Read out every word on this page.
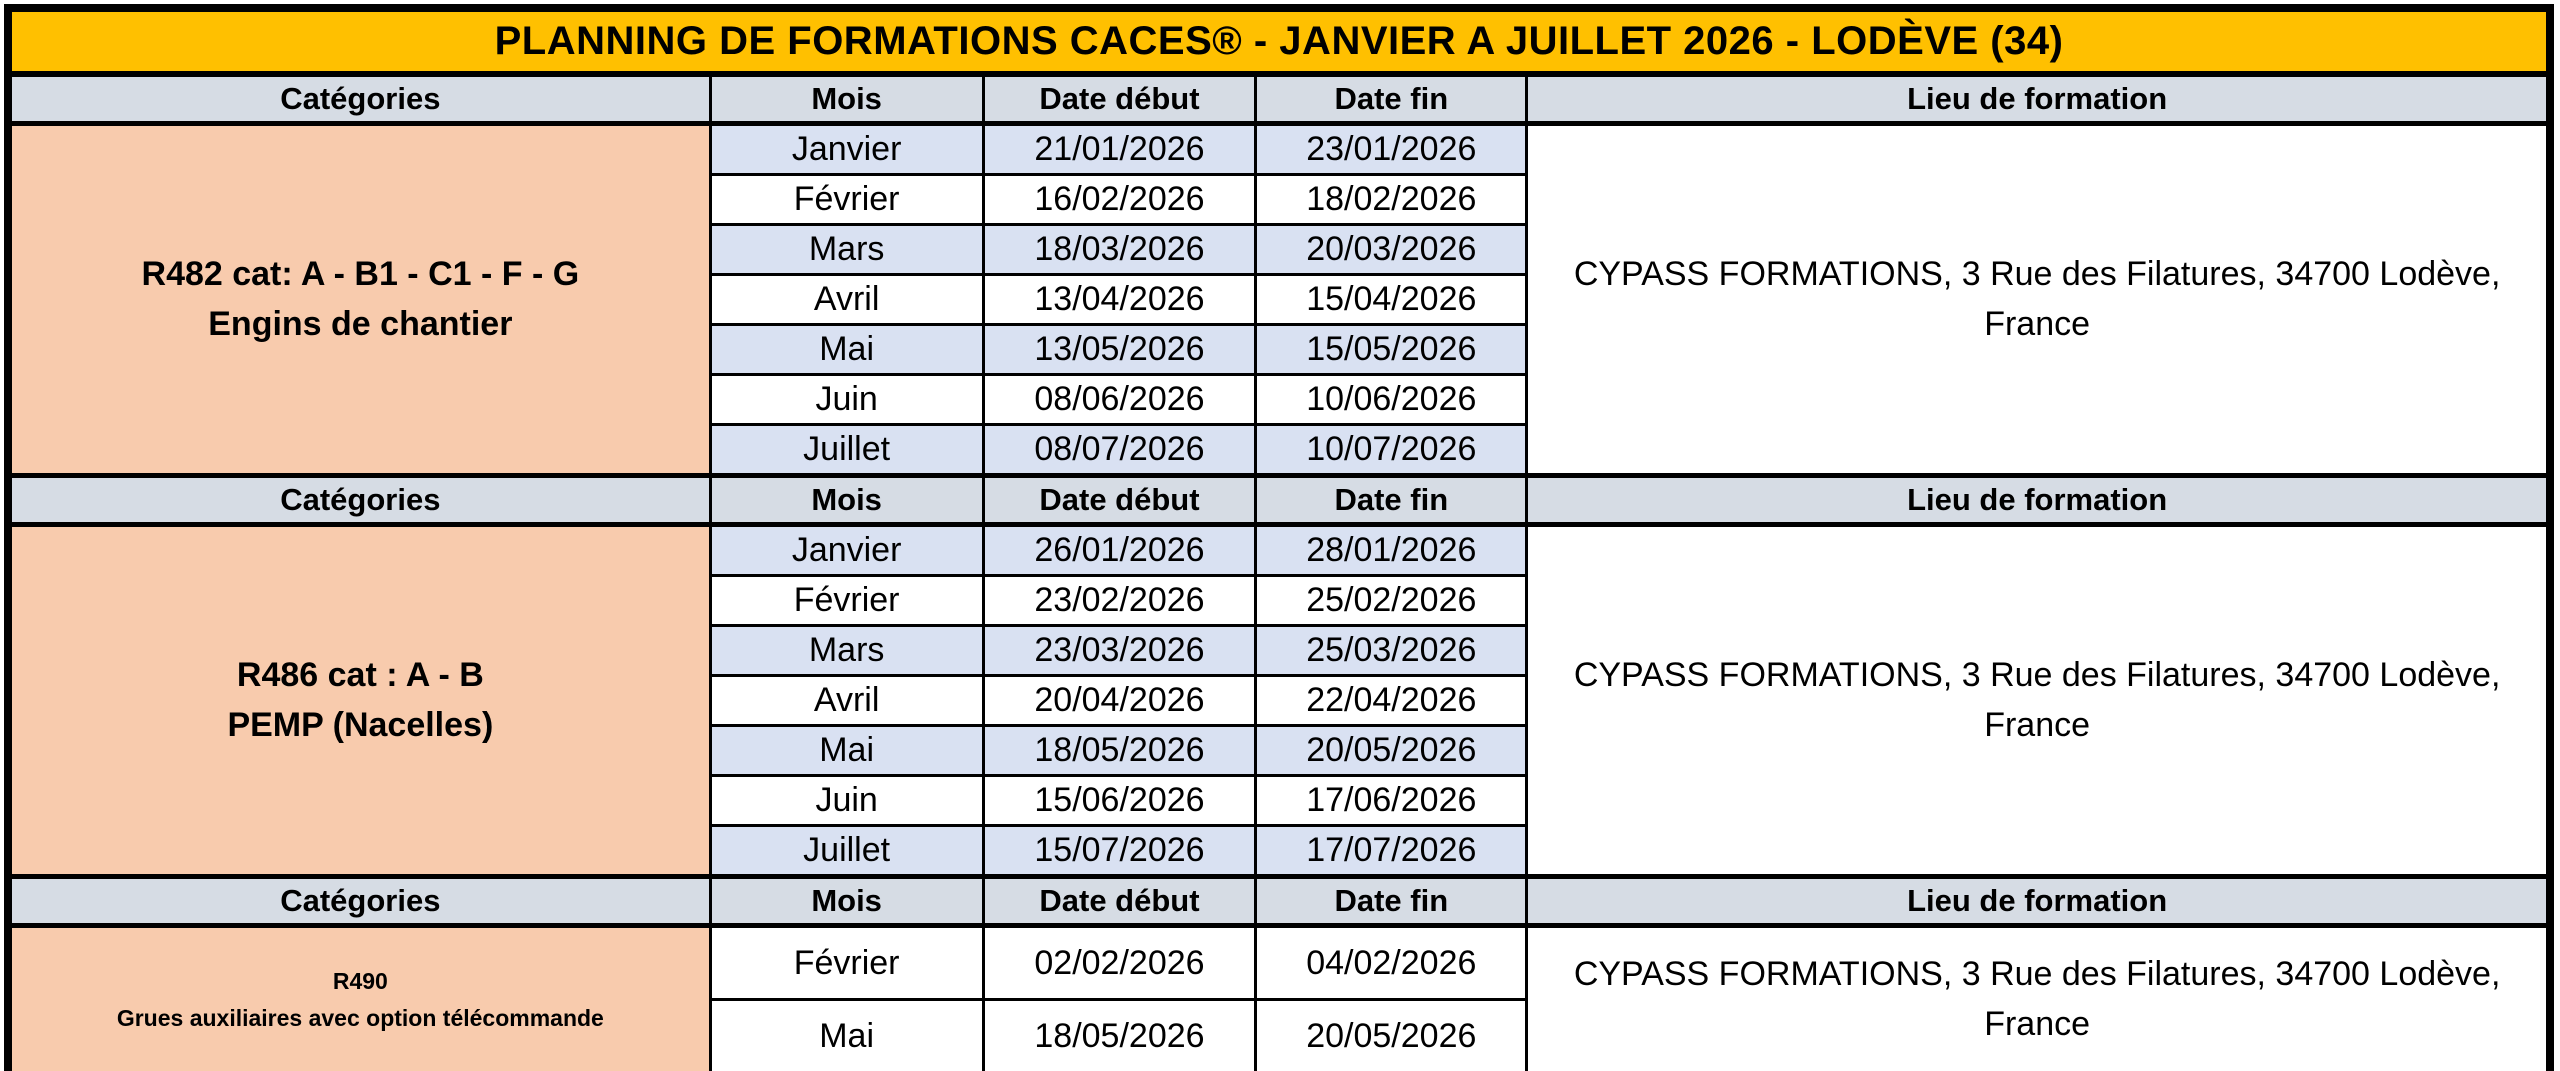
PLANNING DE FORMATIONS CACES® - JANVIER A JUILLET 2026 - LODÈVE (34)				
Catégories	Mois	Date début	Date fin	Lieu de formation

R482 cat: A - B1 - C1 - F - G
Engins de chantier	Janvier	21/01/2026	23/01/2026	CYPASS FORMATIONS, 3 Rue des Filatures, 34700 Lodève, France

	Février	16/02/2026	18/02/2026	
	Mars	18/03/2026	20/03/2026	
	Avril	13/04/2026	15/04/2026	
	Mai	13/05/2026	15/05/2026	
	Juin	08/06/2026	10/06/2026	
	Juillet	08/07/2026	10/07/2026	
Catégories	Mois	Date début	Date fin	Lieu de formation

R486 cat : A - B
PEMP (Nacelles)	Janvier	26/01/2026	28/01/2026	CYPASS FORMATIONS, 3 Rue des Filatures, 34700 Lodève, France

	Février	23/02/2026	25/02/2026	
	Mars	23/03/2026	25/03/2026	
	Avril	20/04/2026	22/04/2026	
	Mai	18/05/2026	20/05/2026	
	Juin	15/06/2026	17/06/2026	
	Juillet	15/07/2026	17/07/2026	
Catégories	Mois	Date début	Date fin	Lieu de formation

R490
Grues auxiliaires avec option télécommande	Février	02/02/2026	04/02/2026	CYPASS FORMATIONS, 3 Rue des Filatures, 34700 Lodève, France

	Mai	18/05/2026	20/05/2026	
